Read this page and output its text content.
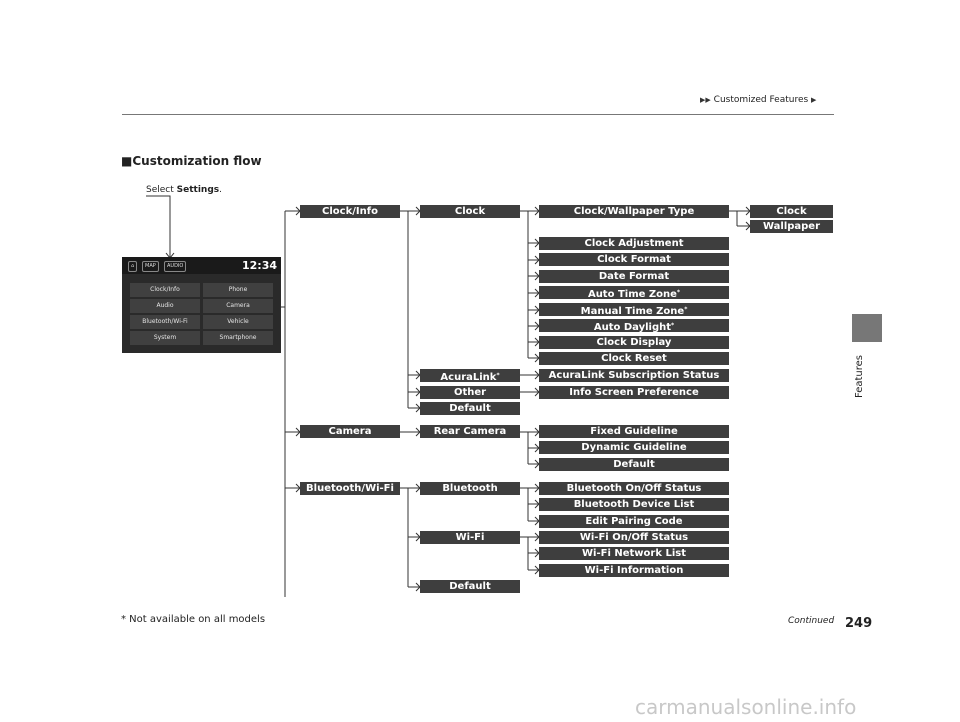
▶▶ Customized Features ▶
Features
■Customization flow
Select Settings.
⌂	MAP	AUDIO	12:34
Clock/Info	Phone
Audio	Camera
Bluetooth/Wi-Fi	Vehicle
System	Smartphone
Clock/Info
Camera
Bluetooth/Wi-Fi
Clock
AcuraLink*
Other
Default
Rear Camera
Bluetooth
Wi-Fi
Default
Clock/Wallpaper Type
Clock Adjustment
Clock Format
Date Format
Auto Time Zone*
Manual Time Zone*
Auto Daylight*
Clock Display
Clock Reset
AcuraLink Subscription Status
Info Screen Preference
Fixed Guideline
Dynamic Guideline
Default
Bluetooth On/Off Status
Bluetooth Device List
Edit Pairing Code
Wi-Fi On/Off Status
Wi-Fi Network List
Wi-Fi Information
Clock
Wallpaper
* Not available on all models	Continued 249
carmanualsonline.info
